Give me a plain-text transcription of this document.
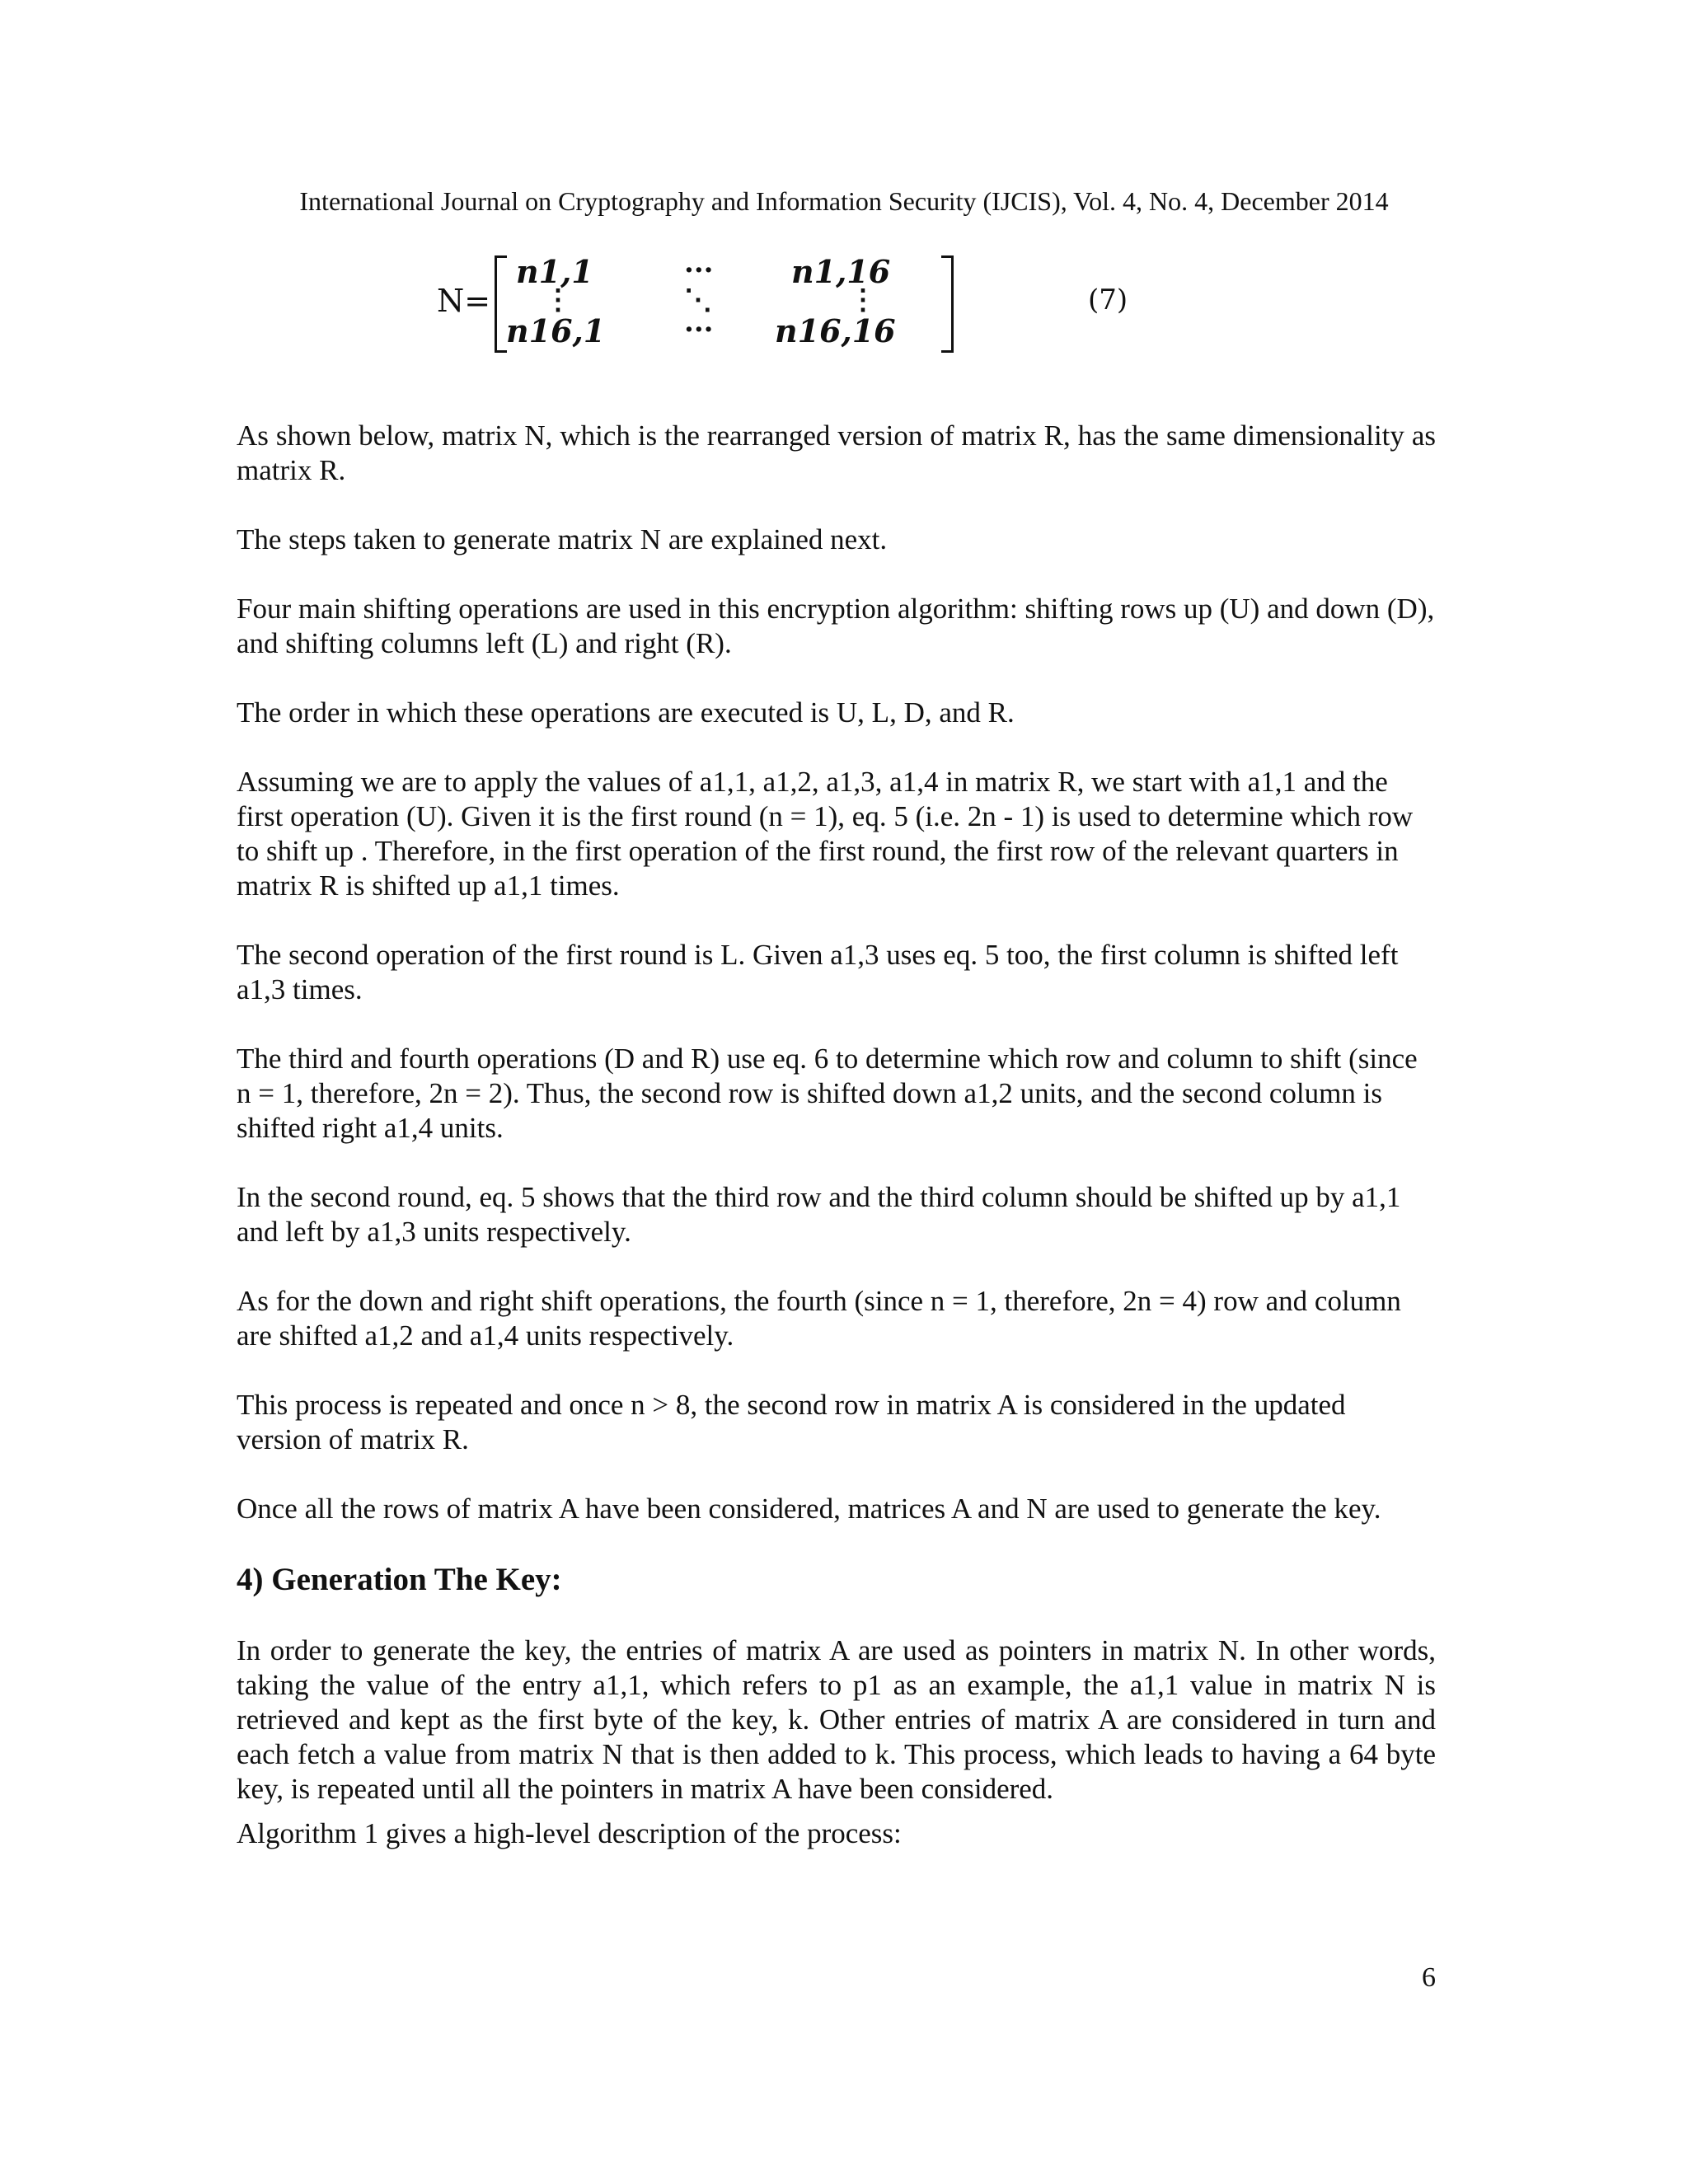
International Journal on Cryptography and Information Security (IJCIS), Vol. 4, No. 4, December 2014
N=
n1,1	··· n1,16
⋮	⋱	⋮
n16,1	··· n16,16
(7)

As shown below, matrix N, which is the rearranged version of matrix R, has the same dimensionality as matrix R.

The steps taken to generate matrix N are explained next.

Four main shifting operations are used in this encryption algorithm: shifting rows up (U) and down (D), and shifting columns left (L) and right (R).

The order in which these operations are executed is U, L, D, and R.

Assuming we are to apply the values of a1,1, a1,2, a1,3, a1,4 in matrix R, we start with a1,1 and the first operation (U). Given it is the first round (n = 1), eq. 5 (i.e. 2n - 1) is used to determine which row to shift up . Therefore, in the first operation of the first round, the first row of the relevant quarters in matrix R is shifted up a1,1 times.

The second operation of the first round is L. Given a1,3 uses eq. 5 too, the first column is shifted left a1,3 times.

The third and fourth operations (D and R) use eq. 6 to determine which row and column to shift (since n = 1, therefore, 2n = 2). Thus, the second row is shifted down a1,2 units, and the second column is shifted right a1,4 units.

In the second round, eq. 5 shows that the third row and the third column should be shifted up by a1,1 and left by a1,3 units respectively.

As for the down and right shift operations, the fourth (since n = 1, therefore, 2n = 4) row and column are shifted a1,2 and a1,4 units respectively.

This process is repeated and once n > 8, the second row in matrix A is considered in the updated version of matrix R.

Once all the rows of matrix A have been considered, matrices A and N are used to generate the key.

4) Generation The Key:

In order to generate the key, the entries of matrix A are used as pointers in matrix N. In other words, taking the value of the entry a1,1, which refers to p1 as an example, the a1,1 value in matrix N is retrieved and kept as the first byte of the key, k. Other entries of matrix A are considered in turn and each fetch a value from matrix N that is then added to k. This process, which leads to having a 64 byte key, is repeated until all the pointers in matrix A have been considered.

Algorithm 1 gives a high-level description of the process:

6
